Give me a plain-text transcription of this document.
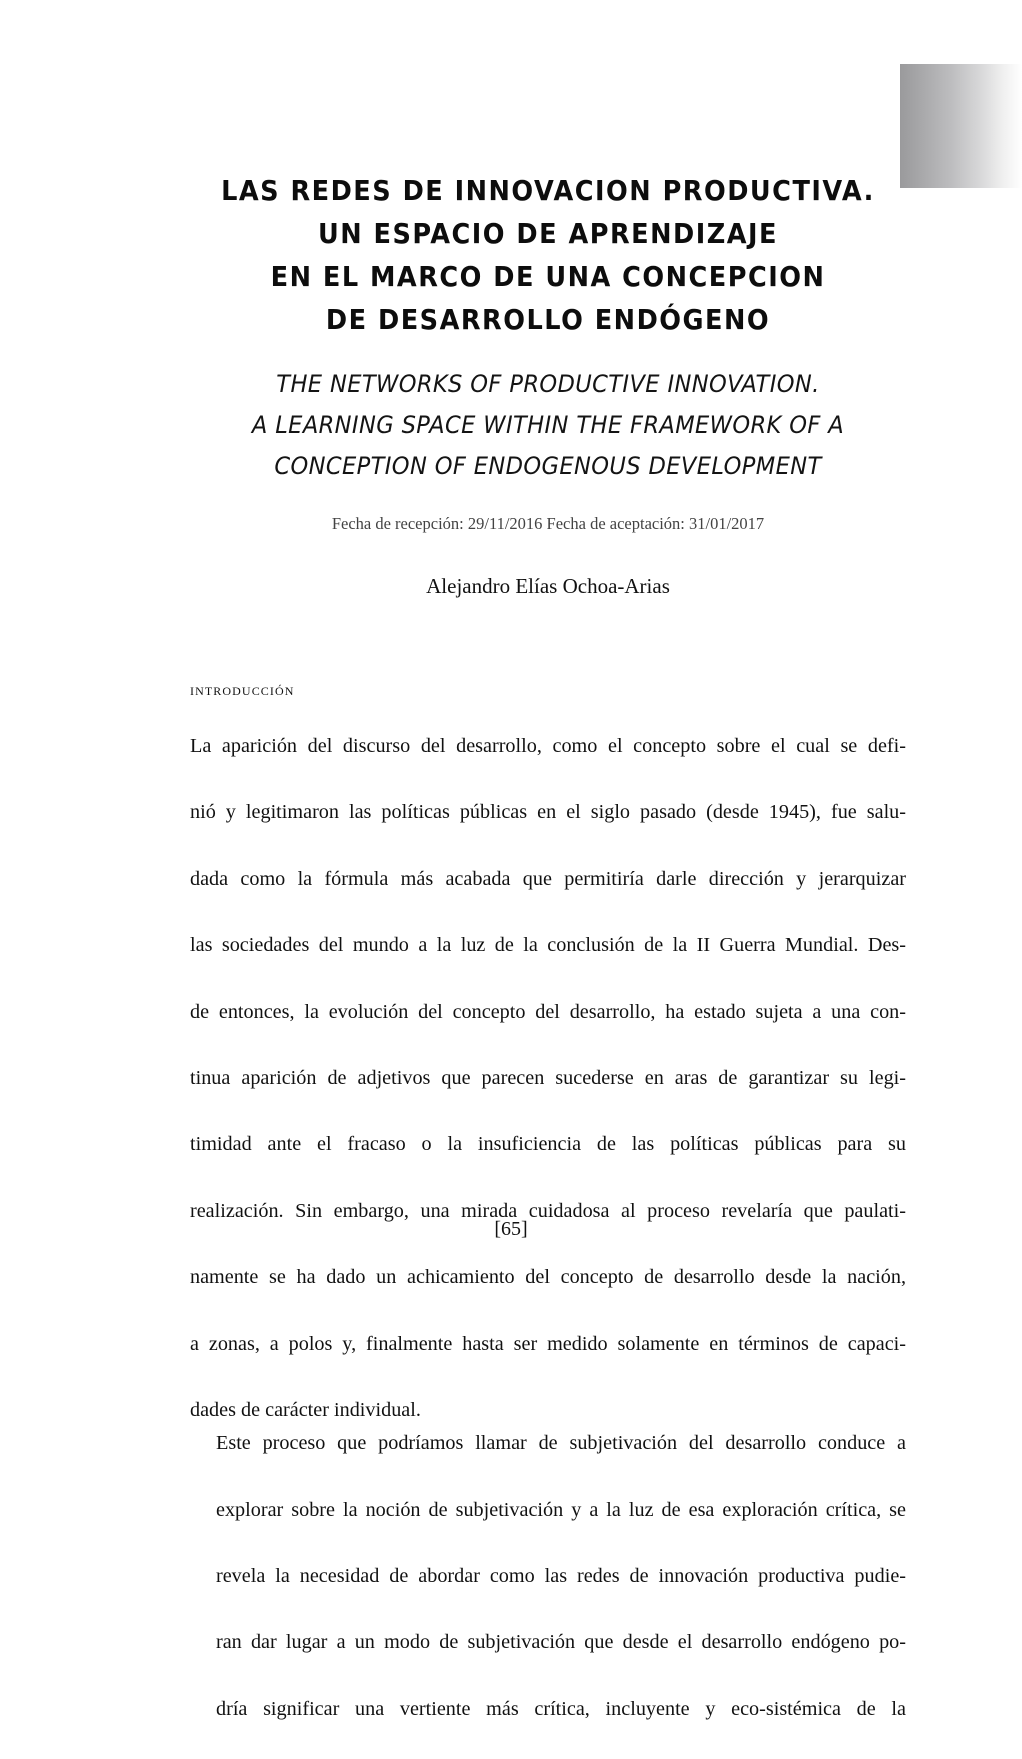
LAS REDES DE INNOVACION PRODUCTIVA.
UN ESPACIO DE APRENDIZAJE
EN EL MARCO DE UNA CONCEPCION
DE DESARROLLO ENDÓGENO
THE NETWORKS OF PRODUCTIVE INNOVATION.
A LEARNING SPACE WITHIN THE FRAMEWORK OF A
CONCEPTION OF ENDOGENOUS DEVELOPMENT
Fecha de recepción: 29/11/2016 Fecha de aceptación: 31/01/2017
Alejandro Elías Ochoa-Arias
introducción

La aparición del discurso del desarrollo, como el concepto sobre el cual se defi-
nió y legitimaron las políticas públicas en el siglo pasado (desde 1945), fue salu-
dada como la fórmula más acabada que permitiría darle dirección y jerarquizar
las sociedades del mundo a la luz de la conclusión de la II Guerra Mundial. Des-
de entonces, la evolución del concepto del desarrollo, ha estado sujeta a una con-
tinua aparición de adjetivos que parecen sucederse en aras de garantizar su legi-
timidad ante el fracaso o la insuficiencia de las políticas públicas para su
realización. Sin embargo, una mirada cuidadosa al proceso revelaría que paulati-
namente se ha dado un achicamiento del concepto de desarrollo desde la nación,
a zonas, a polos y, finalmente hasta ser medido solamente en términos de capaci-
dades de carácter individual.

Este proceso que podríamos llamar de subjetivación del desarrollo conduce a
explorar sobre la noción de subjetivación y a la luz de esa exploración crítica, se
revela la necesidad de abordar como las redes de innovación productiva pudie-
ran dar lugar a un modo de subjetivación que desde el desarrollo endógeno po-
dría significar una vertiente más crítica, incluyente y eco-sistémica de la

[65]
